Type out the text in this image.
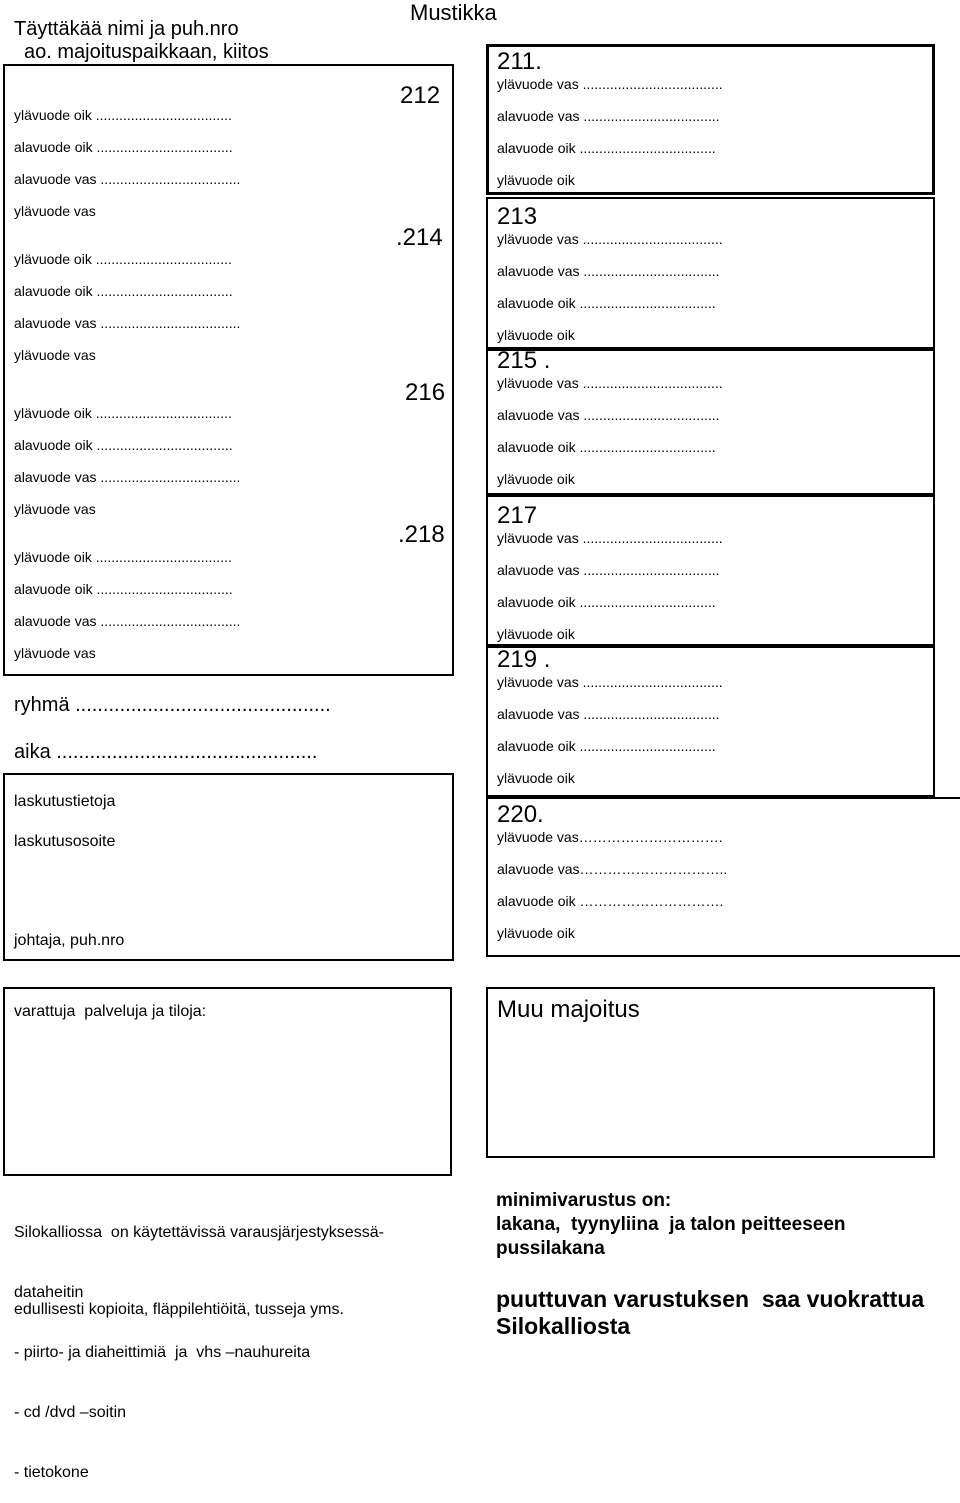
Täyttäkää nimi ja puh.nro
ao. majoituspaikkaan, kiitos
Mustikka
212
.214
216
.218
ylävuode oik ...................................
alavuode oik ...................................
alavuode vas ....................................
ylävuode vas
ylävuode oik ...................................
alavuode oik ...................................
alavuode vas ....................................
ylävuode vas
ylävuode oik ...................................
alavuode oik ...................................
alavuode vas ....................................
ylävuode vas
ylävuode oik ...................................
alavuode oik ...................................
alavuode vas ....................................
ylävuode vas
ryhmä ..............................................
aika ...............................................
laskutustietoja
laskutusosoite
johtaja, puh.nro
211.
213
215 .
217
219 .
220.
ylävuode vas ....................................
alavuode vas ...................................
alavuode oik ...................................
ylävuode oik
ylävuode vas ....................................
alavuode vas ...................................
alavuode oik ...................................
ylävuode oik
ylävuode vas ....................................
alavuode vas ...................................
alavuode oik ...................................
ylävuode oik
ylävuode vas ....................................
alavuode vas ...................................
alavuode oik ...................................
ylävuode oik
ylävuode vas ....................................
alavuode vas ...................................
alavuode oik ...................................
ylävuode oik
ylävuode vas………………………….
alavuode vas…………………………..
alavuode oik ………………………….
ylävuode oik
varattuja  palveluja ja tiloja:	Muu majoitus

Silokalliossa  on käytettävissä varausjärjestyksessä-

dataheitin

- piirto- ja diaheittimiä  ja  vhs –nauhureita

- cd /dvd –soitin

- tietokone

edullisesti kopioita, fläppilehtiöitä, tusseja yms.
minimivarustus on:
lakana,  tyynyliina  ja talon peitteeseen
pussilakana
puuttuvan varustuksen  saa vuokrattua
Silokalliosta
